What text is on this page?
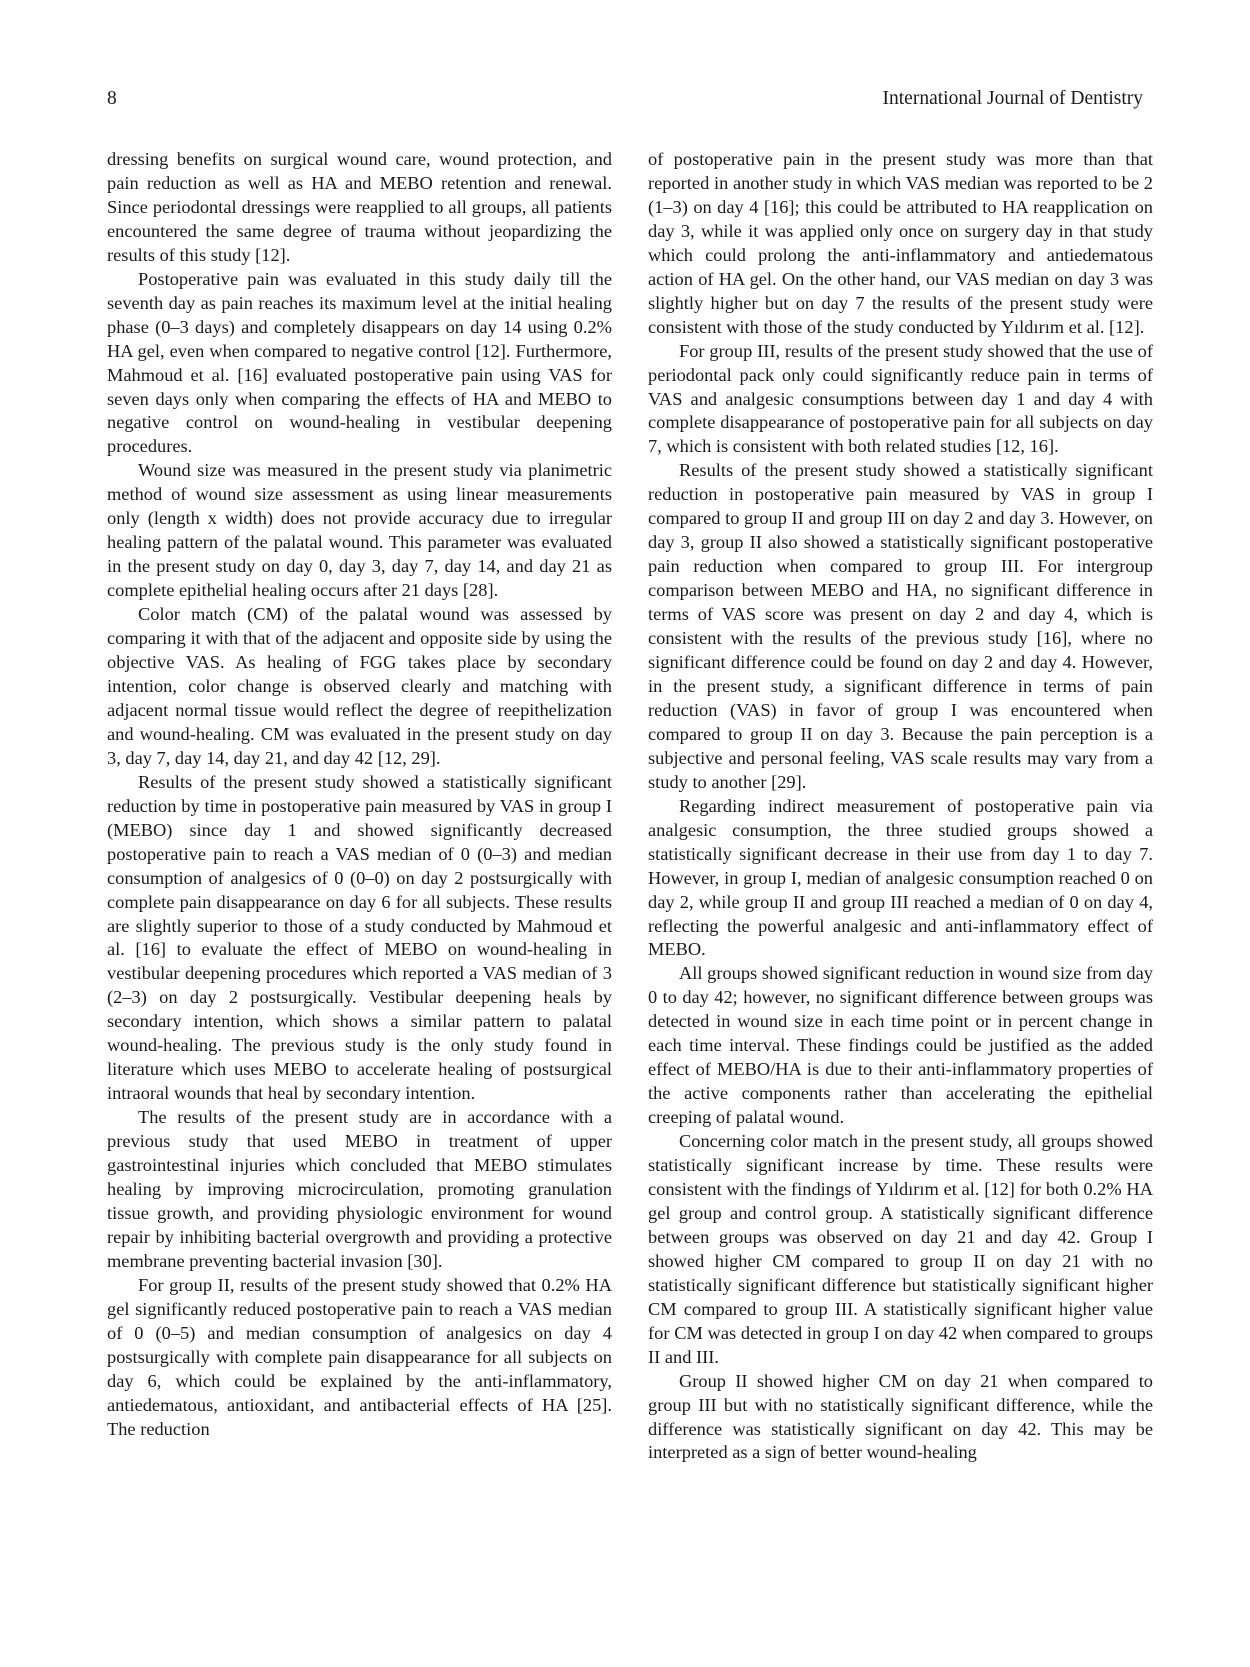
8	International Journal of Dentistry

dressing benefits on surgical wound care, wound protection, and pain reduction as well as HA and MEBO retention and renewal. Since periodontal dressings were reapplied to all groups, all patients encountered the same degree of trauma without jeopardizing the results of this study [12].

Postoperative pain was evaluated in this study daily till the seventh day as pain reaches its maximum level at the initial healing phase (0–3 days) and completely disappears on day 14 using 0.2% HA gel, even when compared to negative control [12]. Furthermore, Mahmoud et al. [16] evaluated postoperative pain using VAS for seven days only when comparing the effects of HA and MEBO to negative control on wound-healing in vestibular deepening procedures.

Wound size was measured in the present study via planimetric method of wound size assessment as using linear measurements only (length x width) does not provide accuracy due to irregular healing pattern of the palatal wound. This parameter was evaluated in the present study on day 0, day 3, day 7, day 14, and day 21 as complete epithelial healing occurs after 21 days [28].

Color match (CM) of the palatal wound was assessed by comparing it with that of the adjacent and opposite side by using the objective VAS. As healing of FGG takes place by secondary intention, color change is observed clearly and matching with adjacent normal tissue would reflect the degree of reepithelization and wound-healing. CM was evaluated in the present study on day 3, day 7, day 14, day 21, and day 42 [12, 29].

Results of the present study showed a statistically significant reduction by time in postoperative pain measured by VAS in group I (MEBO) since day 1 and showed significantly decreased postoperative pain to reach a VAS median of 0 (0–3) and median consumption of analgesics of 0 (0–0) on day 2 postsurgically with complete pain disappearance on day 6 for all subjects. These results are slightly superior to those of a study conducted by Mahmoud et al. [16] to evaluate the effect of MEBO on wound-healing in vestibular deepening procedures which reported a VAS median of 3 (2–3) on day 2 postsurgically. Vestibular deepening heals by secondary intention, which shows a similar pattern to palatal wound-healing. The previous study is the only study found in literature which uses MEBO to accelerate healing of postsurgical intraoral wounds that heal by secondary intention.

The results of the present study are in accordance with a previous study that used MEBO in treatment of upper gastrointestinal injuries which concluded that MEBO stimulates healing by improving microcirculation, promoting granulation tissue growth, and providing physiologic environment for wound repair by inhibiting bacterial overgrowth and providing a protective membrane preventing bacterial invasion [30].

For group II, results of the present study showed that 0.2% HA gel significantly reduced postoperative pain to reach a VAS median of 0 (0–5) and median consumption of analgesics on day 4 postsurgically with complete pain disappearance for all subjects on day 6, which could be explained by the anti-inflammatory, antiedematous, antioxidant, and antibacterial effects of HA [25]. The reduction

of postoperative pain in the present study was more than that reported in another study in which VAS median was reported to be 2 (1–3) on day 4 [16]; this could be attributed to HA reapplication on day 3, while it was applied only once on surgery day in that study which could prolong the anti-inflammatory and antiedematous action of HA gel. On the other hand, our VAS median on day 3 was slightly higher but on day 7 the results of the present study were consistent with those of the study conducted by Yıldırım et al. [12].

For group III, results of the present study showed that the use of periodontal pack only could significantly reduce pain in terms of VAS and analgesic consumptions between day 1 and day 4 with complete disappearance of postoperative pain for all subjects on day 7, which is consistent with both related studies [12, 16].

Results of the present study showed a statistically significant reduction in postoperative pain measured by VAS in group I compared to group II and group III on day 2 and day 3. However, on day 3, group II also showed a statistically significant postoperative pain reduction when compared to group III. For intergroup comparison between MEBO and HA, no significant difference in terms of VAS score was present on day 2 and day 4, which is consistent with the results of the previous study [16], where no significant difference could be found on day 2 and day 4. However, in the present study, a significant difference in terms of pain reduction (VAS) in favor of group I was encountered when compared to group II on day 3. Because the pain perception is a subjective and personal feeling, VAS scale results may vary from a study to another [29].

Regarding indirect measurement of postoperative pain via analgesic consumption, the three studied groups showed a statistically significant decrease in their use from day 1 to day 7. However, in group I, median of analgesic consumption reached 0 on day 2, while group II and group III reached a median of 0 on day 4, reflecting the powerful analgesic and anti-inflammatory effect of MEBO.

All groups showed significant reduction in wound size from day 0 to day 42; however, no significant difference between groups was detected in wound size in each time point or in percent change in each time interval. These findings could be justified as the added effect of MEBO/HA is due to their anti-inflammatory properties of the active components rather than accelerating the epithelial creeping of palatal wound.

Concerning color match in the present study, all groups showed statistically significant increase by time. These results were consistent with the findings of Yıldırım et al. [12] for both 0.2% HA gel group and control group. A statistically significant difference between groups was observed on day 21 and day 42. Group I showed higher CM compared to group II on day 21 with no statistically significant difference but statistically significant higher CM compared to group III. A statistically significant higher value for CM was detected in group I on day 42 when compared to groups II and III.

Group II showed higher CM on day 21 when compared to group III but with no statistically significant difference, while the difference was statistically significant on day 42. This may be interpreted as a sign of better wound-healing
